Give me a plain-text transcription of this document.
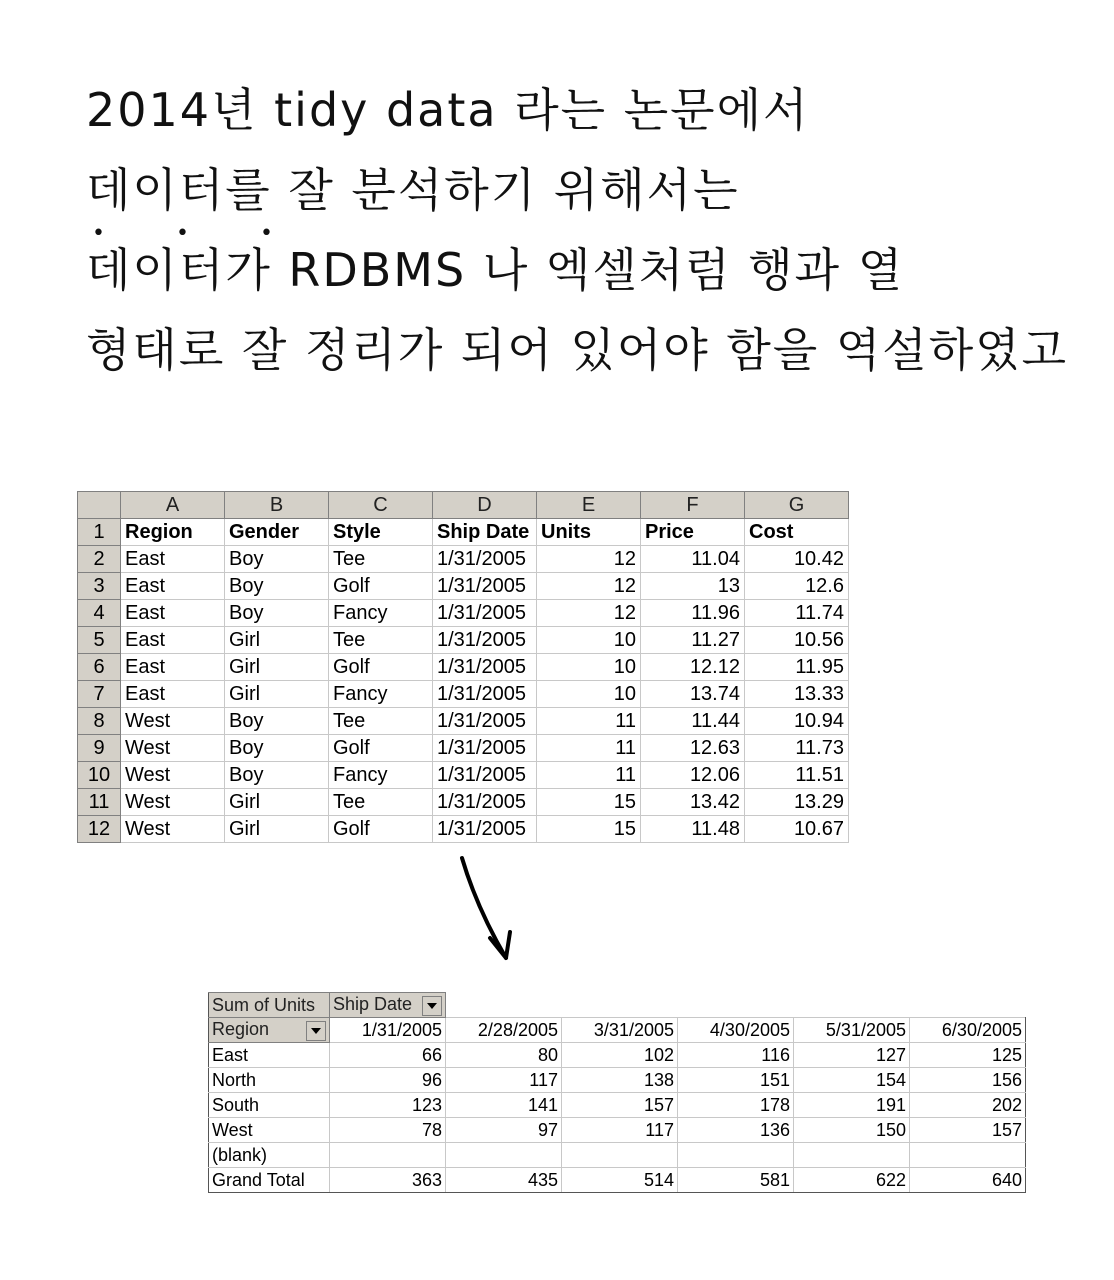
2014년 tidy data 라는 논문에서
데이터를 잘 분석하기 위해서는
• • •
데이터가 RDBMS 나 엑셀처럼 행과 열
형태로 잘 정리가 되어 있어야 함을 역설하였고
	A	B	C	D	E	F	G
1	Region	Gender	Style	Ship Date	Units	Price	Cost
2	East	Boy	Tee	1/31/2005	12	11.04	10.42
3	East	Boy	Golf	1/31/2005	12	13	12.6
4	East	Boy	Fancy	1/31/2005	12	11.96	11.74
5	East	Girl	Tee	1/31/2005	10	11.27	10.56
6	East	Girl	Golf	1/31/2005	10	12.12	11.95
7	East	Girl	Fancy	1/31/2005	10	13.74	13.33
8	West	Boy	Tee	1/31/2005	11	11.44	10.94
9	West	Boy	Golf	1/31/2005	11	12.63	11.73
10	West	Boy	Fancy	1/31/2005	11	12.06	11.51
11	West	Girl	Tee	1/31/2005	15	13.42	13.29
12	West	Girl	Golf	1/31/2005	15	11.48	10.67
Sum of Units	Ship Date

Region	1/31/2005	2/28/2005	3/31/2005	4/30/2005	5/31/2005	6/30/2005
East	66	80	102	116	127	125
North	96	117	138	151	154	156
South	123	141	157	178	191	202
West	78	97	117	136	150	157
(blank)						
Grand Total	363	435	514	581	622	640
